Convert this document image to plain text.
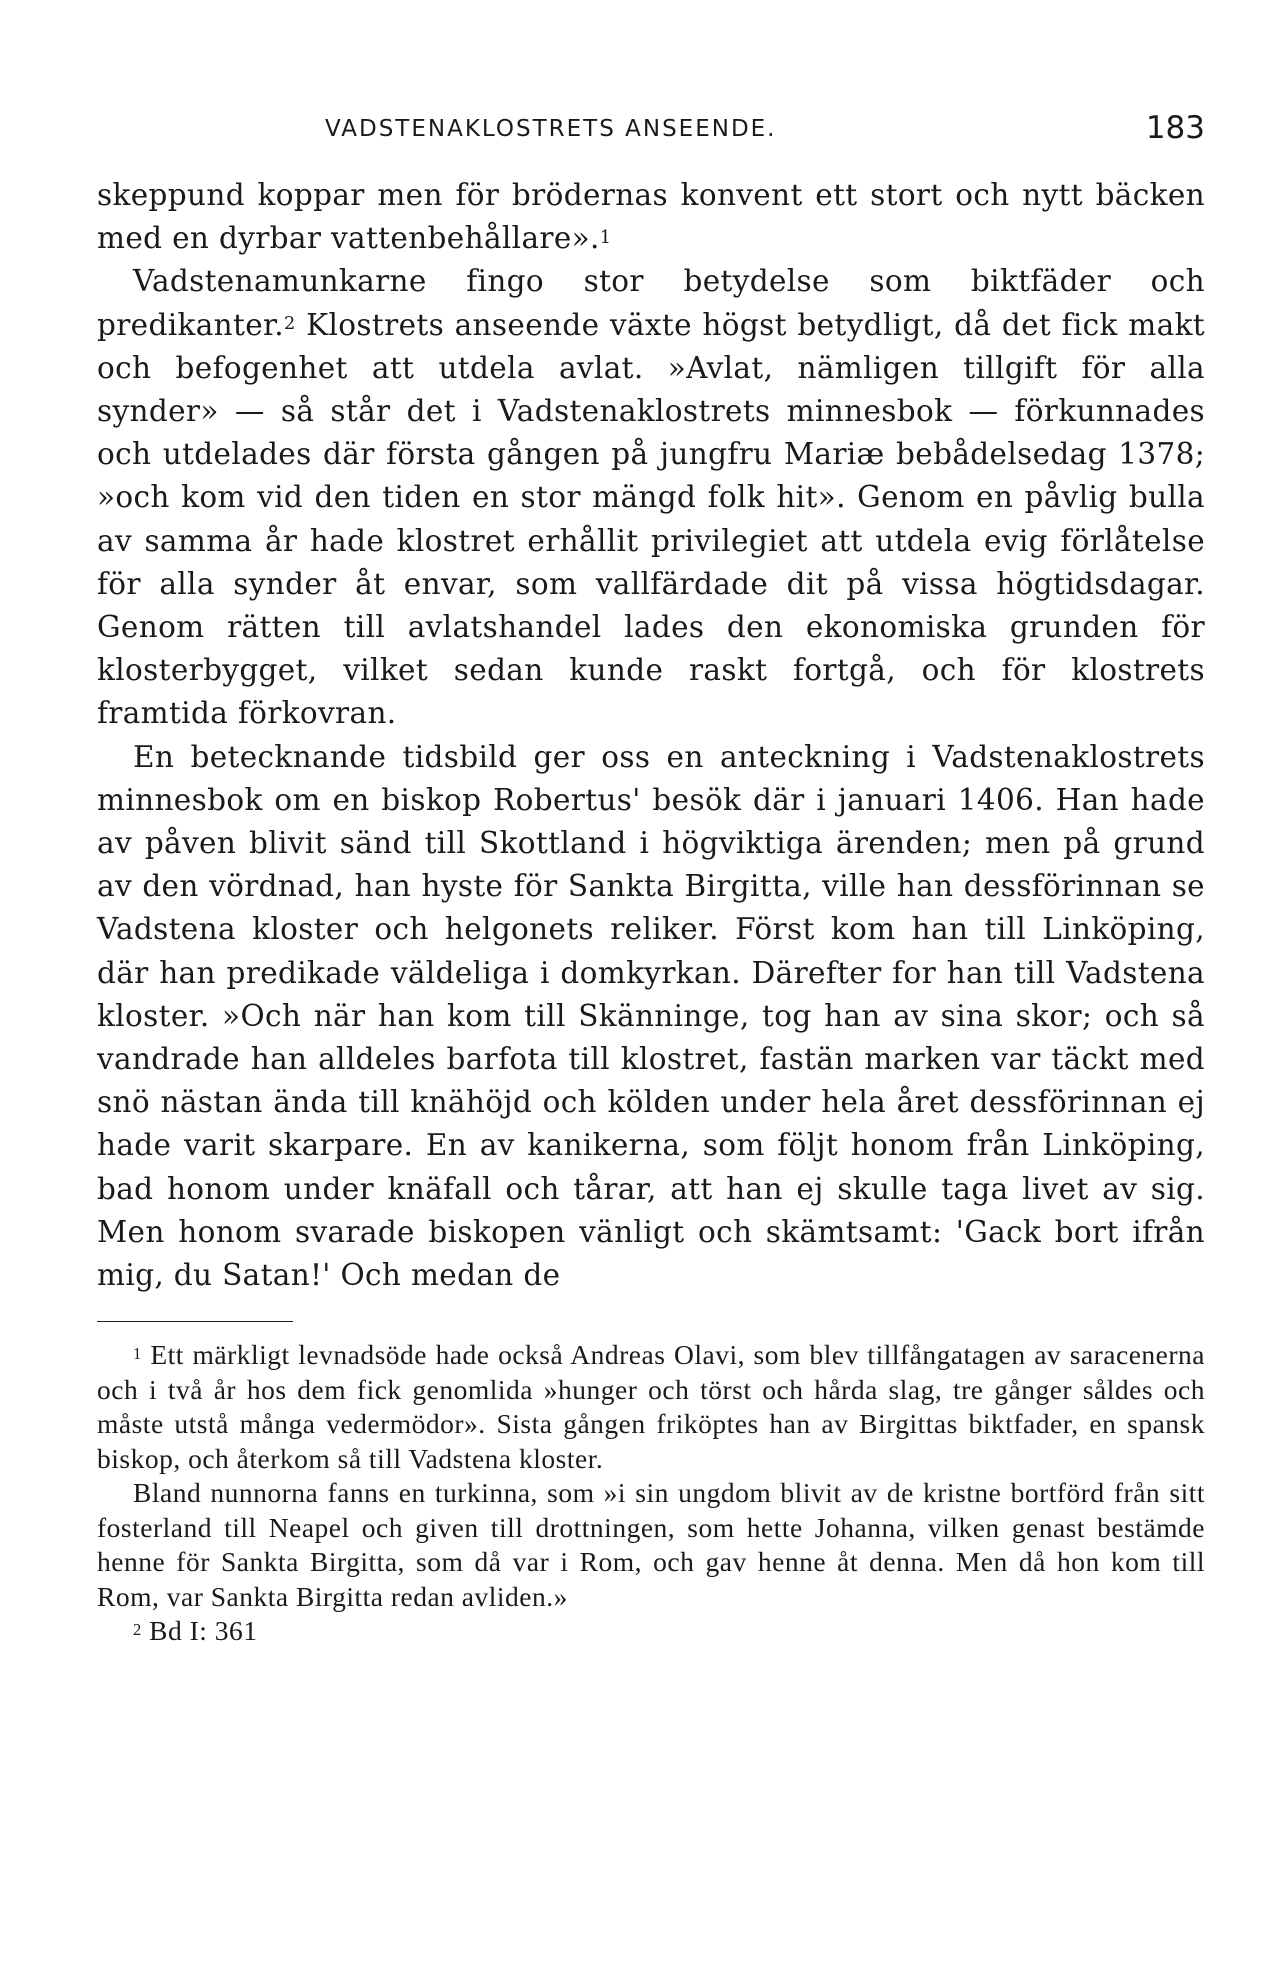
VADSTENAKLOSTRETS ANSEENDE.	183

skeppund koppar men för brödernas konvent ett stort och nytt bäcken med en dyrbar vattenbehållare».$^1$

Vadstenamunkarne fingo stor betydelse som biktfäder och predikanter.$^2$ Klostrets anseende växte högst betydligt, då det fick makt och befogenhet att utdela avlat. »Avlat, nämligen tillgift för alla synder» — så står det i Vadstenaklostrets minnesbok — förkunnades och utdelades där första gången på jungfru Mariæ bebådelsedag 1378; »och kom vid den tiden en stor mängd folk hit». Genom en påvlig bulla av samma år hade klostret erhållit privilegiet att utdela evig förlåtelse för alla synder åt envar, som vallfärdade dit på vissa högtidsdagar. Genom rätten till avlatshandel lades den ekonomiska grunden för klosterbygget, vilket sedan kunde raskt fortgå, och för klostrets framtida förkovran.

En betecknande tidsbild ger oss en anteckning i Vadstenaklostrets minnesbok om en biskop Robertus' besök där i januari 1406. Han hade av påven blivit sänd till Skottland i högviktiga ärenden; men på grund av den vördnad, han hyste för Sankta Birgitta, ville han dessförinnan se Vadstena kloster och helgonets reliker. Först kom han till Linköping, där han predikade väldeliga i domkyrkan. Därefter for han till Vadstena kloster. »Och när han kom till Skänninge, tog han av sina skor; och så vandrade han alldeles barfota till klostret, fastän marken var täckt med snö nästan ända till knähöjd och kölden under hela året dessförinnan ej hade varit skarpare. En av kanikerna, som följt honom från Linköping, bad honom under knäfall och tårar, att han ej skulle taga livet av sig. Men honom svarade biskopen vänligt och skämtsamt: 'Gack bort ifrån mig, du Satan!' Och medan de

$^1$ Ett märkligt levnadsöde hade också Andreas Olavi, som blev tillfångatagen av saracenerna och i två år hos dem fick genomlida »hunger och törst och hårda slag, tre gånger såldes och måste utstå många vedermödor». Sista gången friköptes han av Birgittas biktfader, en spansk biskop, och återkom så till Vadstena kloster.

Bland nunnorna fanns en turkinna, som »i sin ungdom blivit av de kristne bortförd från sitt fosterland till Neapel och given till drottningen, som hette Johanna, vilken genast bestämde henne för Sankta Birgitta, som då var i Rom, och gav henne åt denna. Men då hon kom till Rom, var Sankta Birgitta redan avliden.»

$^2$ Bd I: 361
